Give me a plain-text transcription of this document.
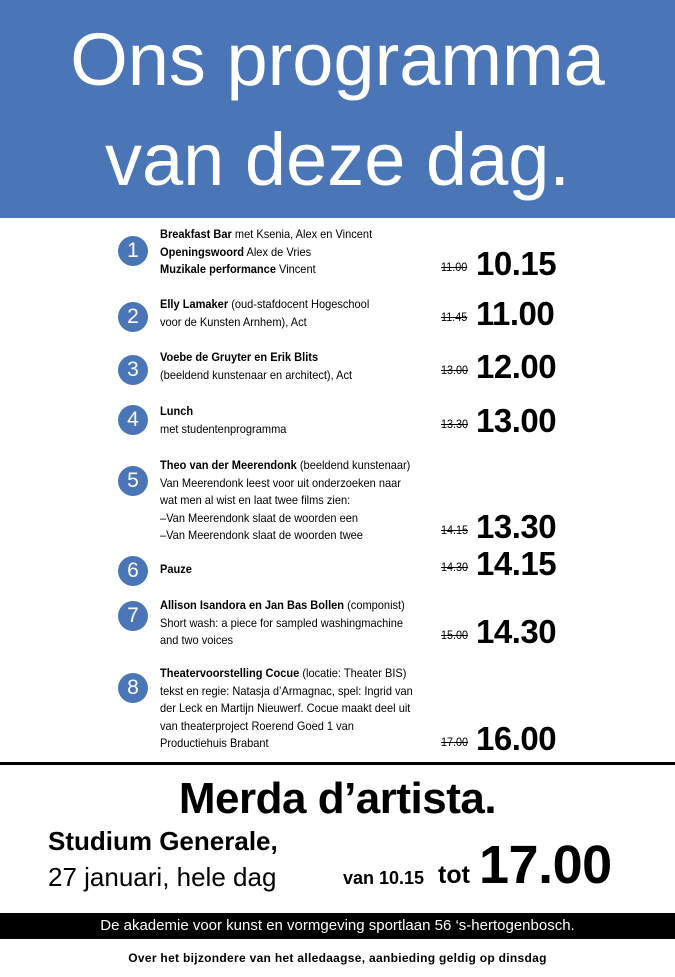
Ons programma
van deze dag.
1
Breakfast Bar met Ksenia, Alex en Vincent
Openingswoord Alex de Vries
Muzikale performance Vincent	11.00 10.15
2
Elly Lamaker (oud-stafdocent Hogeschool
voor de Kunsten Arnhem), Act	11.45 11.00
3
Voebe de Gruyter en Erik Blits
(beeldend kunstenaar en architect), Act	13.00 12.00
4	Lunch
met studentenprogramma	13.30 13.00
5
Theo van der Meerendonk (beeldend kunstenaar)
Van Meerendonk leest voor uit onderzoeken naar
wat men al wist en laat twee films zien:
–Van Meerendonk slaat de woorden een
–Van Meerendonk slaat de woorden twee	14.15 13.30
6	Pauze	14.30 14.15
7	Allison Isandora en Jan Bas Bollen (componist)
Short wash: a piece for sampled washingmachine
and two voices	15.00 14.30
8
Theatervoorstelling Cocue (locatie: Theater BIS)
tekst en regie: Natasja d’Armagnac, spel: Ingrid van
der Leck en Martijn Nieuwerf. Cocue maakt deel uit
van theaterproject Roerend Goed 1 van
Productiehuis Brabant	17.00 16.00
Merda d’artista.
Studium Generale,
27 januari, hele dag	van 10.15 tot 17.00
De akademie voor kunst en vormgeving sportlaan 56 ‘s-hertogenbosch.
Over het bijzondere van het alledaagse, aanbieding geldig op dinsdag
